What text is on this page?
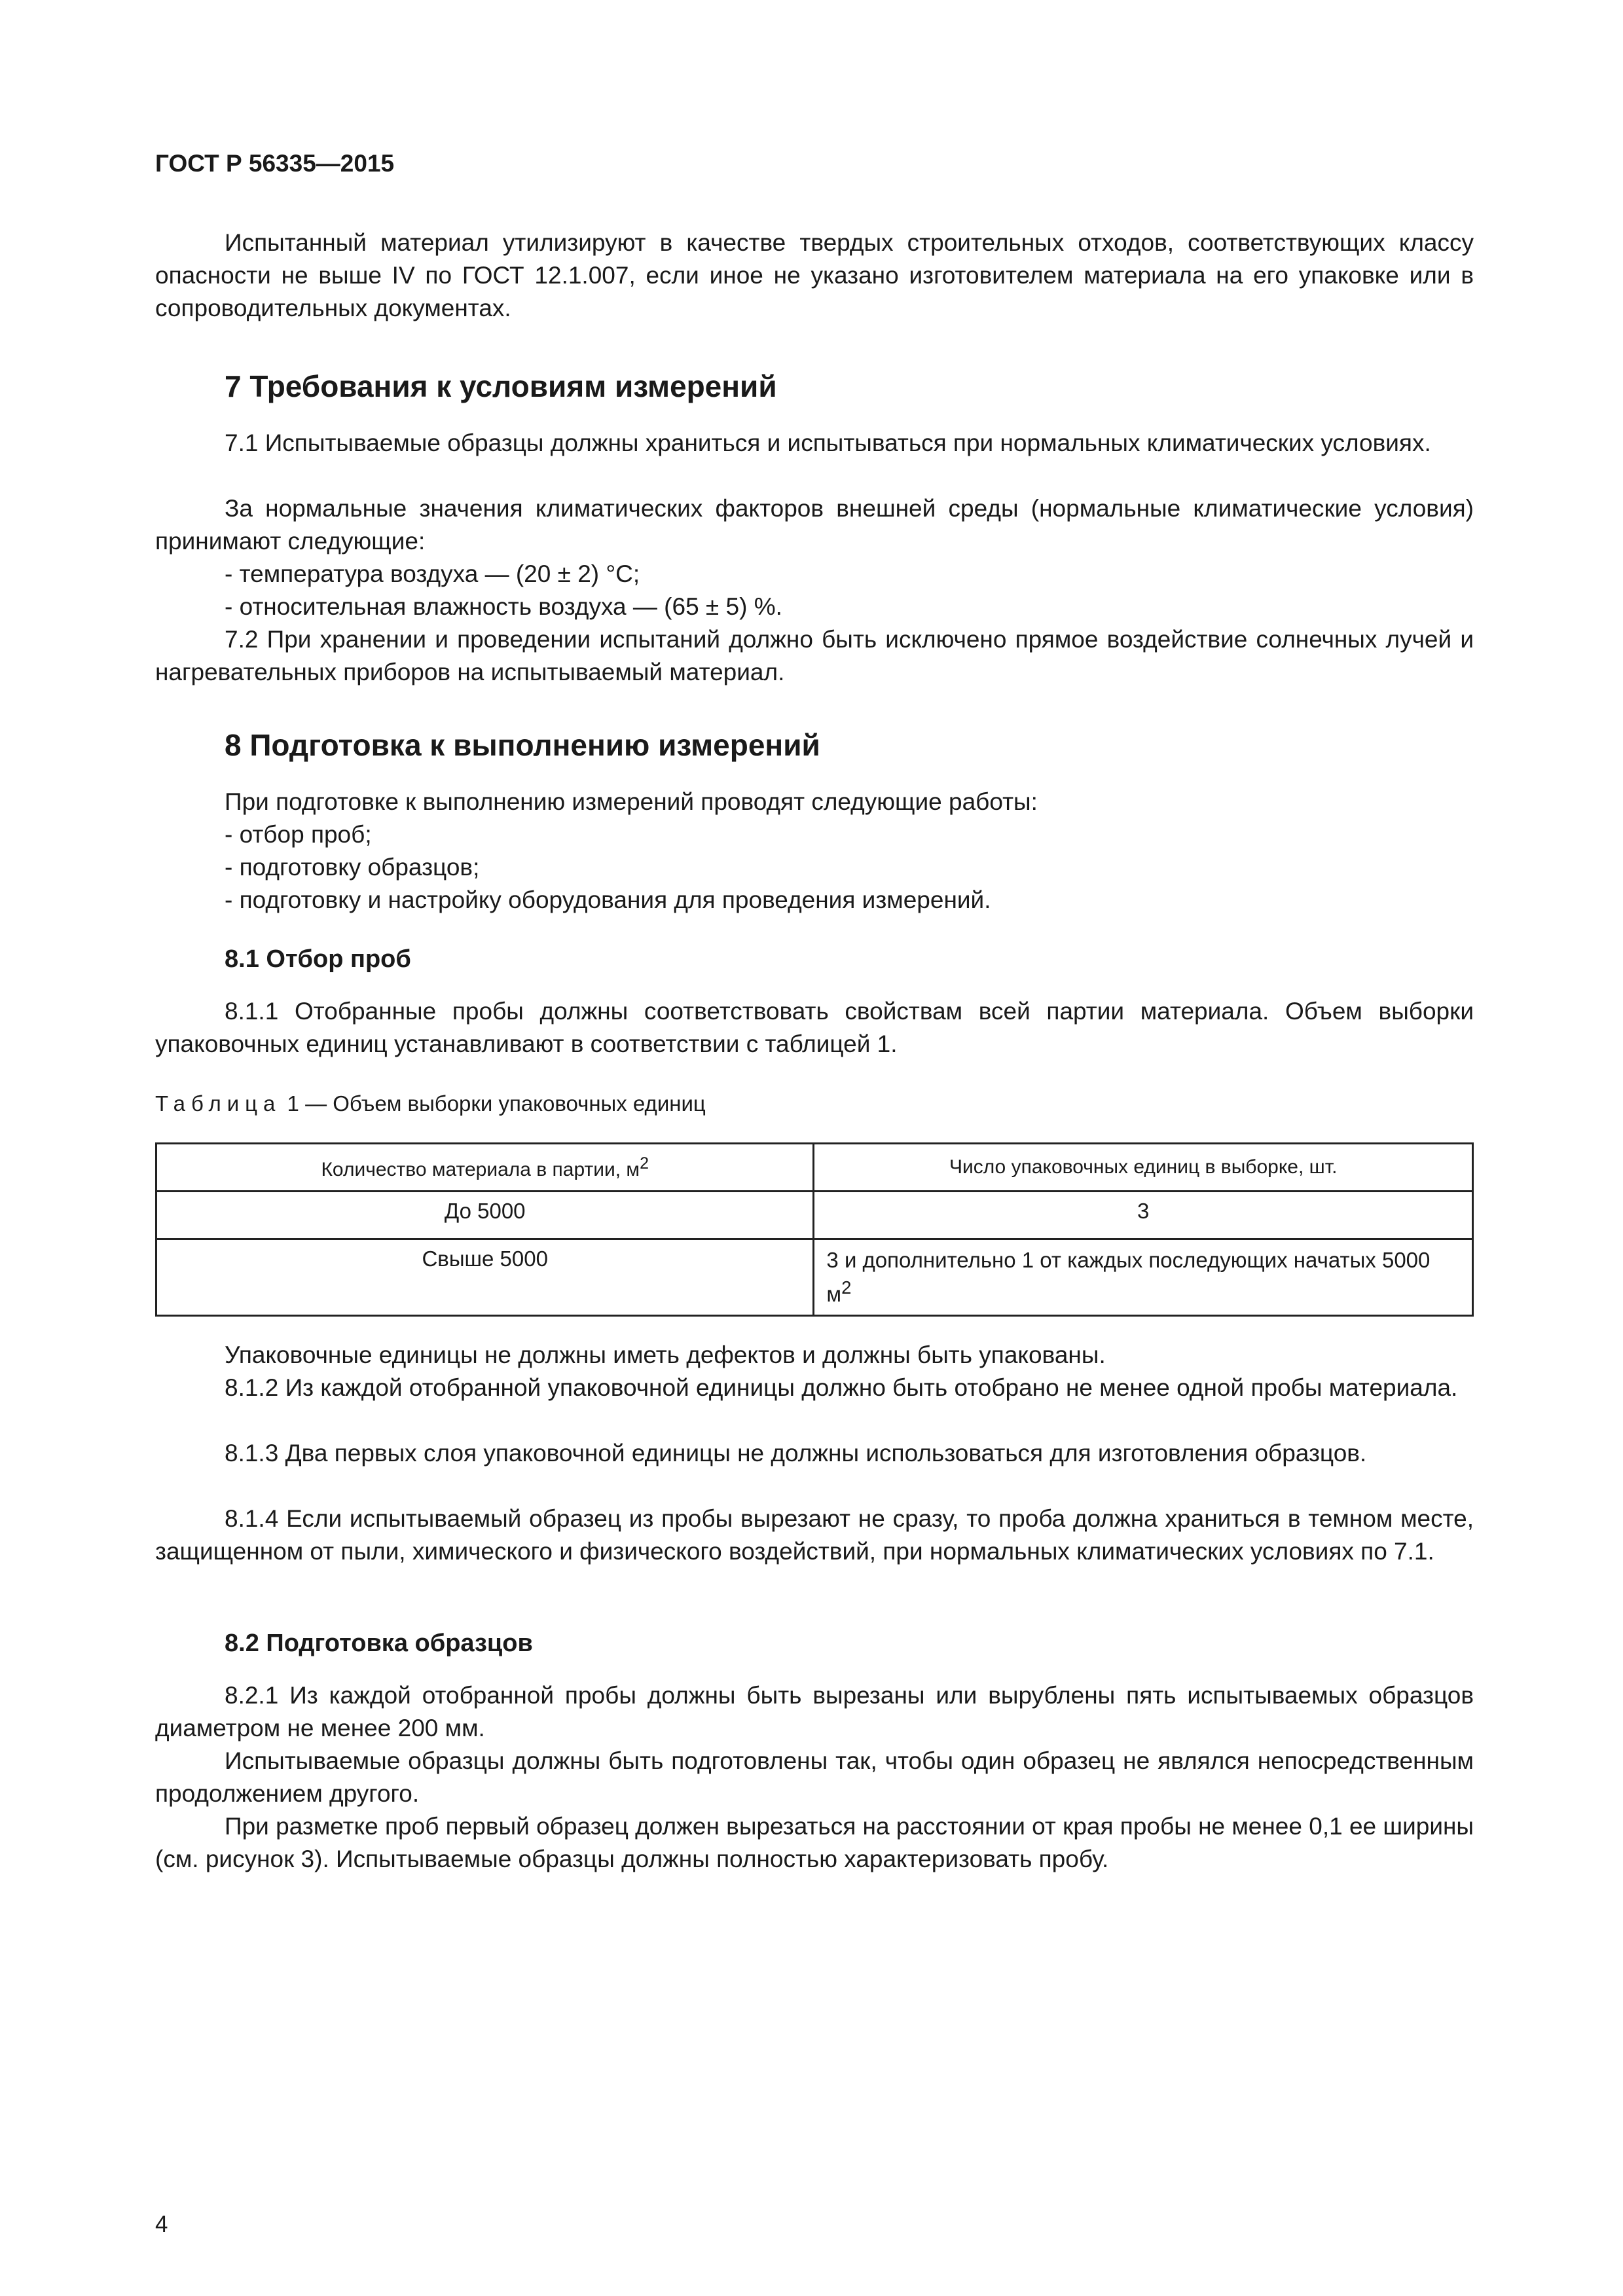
ГОСТ Р 56335—2015

Испытанный материал утилизируют в качестве твердых строительных отходов, соответствующих классу опасности не выше IV по ГОСТ 12.1.007, если иное не указано изготовителем материала на его упаковке или в сопроводительных документах.

7 Требования к условиям измерений

7.1 Испытываемые образцы должны храниться и испытываться при нормальных климатических условиях.

За нормальные значения климатических факторов внешней среды (нормальные климатические условия) принимают следующие:

- температура воздуха — (20 ± 2) °С;

- относительная влажность воздуха — (65 ± 5) %.

7.2 При хранении и проведении испытаний должно быть исключено прямое воздействие солнечных лучей и нагревательных приборов на испытываемый материал.

8 Подготовка к выполнению измерений

При подготовке к выполнению измерений проводят следующие работы:

- отбор проб;

- подготовку образцов;

- подготовку и настройку оборудования для проведения измерений.

8.1 Отбор проб

8.1.1 Отобранные пробы должны соответствовать свойствам всей партии материала. Объем выборки упаковочных единиц устанавливают в соответствии с таблицей 1.

Таблица 1 — Объем выборки упаковочных единиц
Количество материала в партии, $м^2$	Число упаковочных единиц в выборке, шт.
До 5000	3
Свыше 5000	3 и дополнительно 1 от каждых последующих начатых 5000 $м^2$

Упаковочные единицы не должны иметь дефектов и должны быть упакованы.

8.1.2 Из каждой отобранной упаковочной единицы должно быть отобрано не менее одной пробы материала.

8.1.3 Два первых слоя упаковочной единицы не должны использоваться для изготовления образцов.

8.1.4 Если испытываемый образец из пробы вырезают не сразу, то проба должна храниться в темном месте, защищенном от пыли, химического и физического воздействий, при нормальных климатических условиях по 7.1.

8.2 Подготовка образцов

8.2.1 Из каждой отобранной пробы должны быть вырезаны или вырублены пять испытываемых образцов диаметром не менее 200 мм.

Испытываемые образцы должны быть подготовлены так, чтобы один образец не являлся непосредственным продолжением другого.

При разметке проб первый образец должен вырезаться на расстоянии от края пробы не менее 0,1 ее ширины (см. рисунок 3). Испытываемые образцы должны полностью характеризовать пробу.

4
